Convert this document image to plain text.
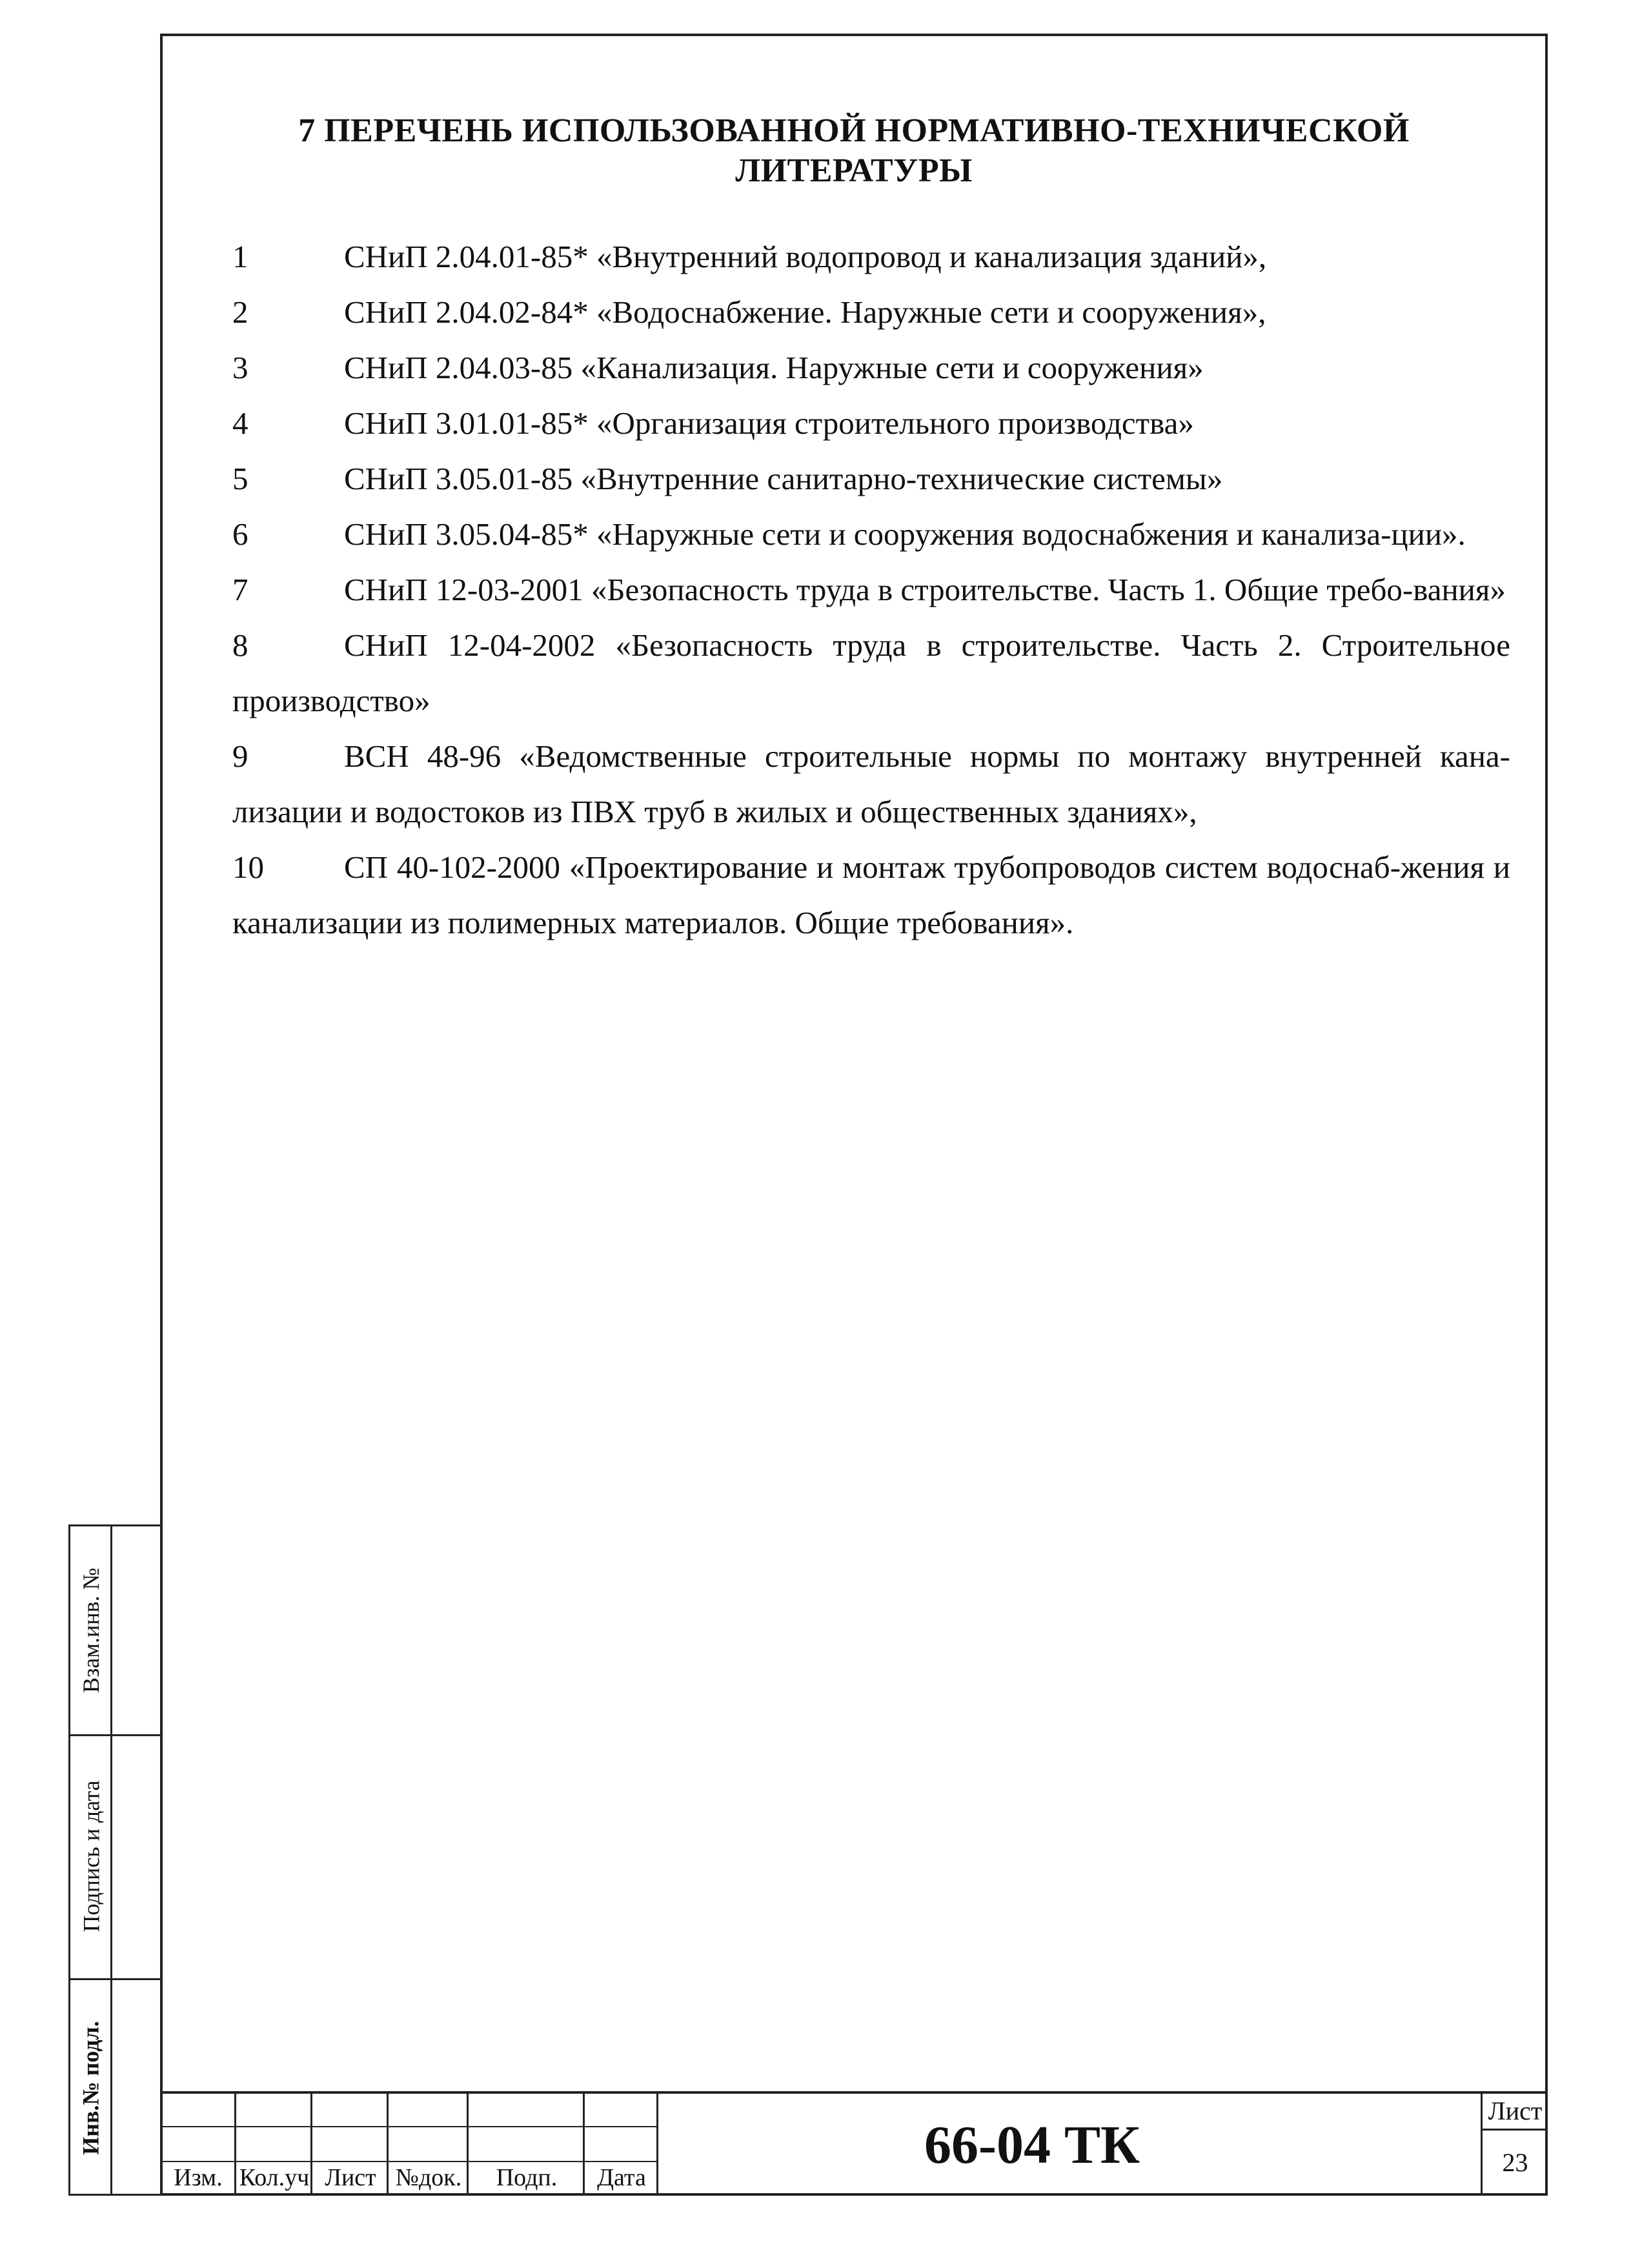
7 ПЕРЕЧЕНЬ ИСПОЛЬЗОВАННОЙ НОРМАТИВНО-ТЕХНИЧЕСКОЙ
ЛИТЕРАТУРЫ

1	СНиП 2.04.01-85* «Внутренний водопровод и канализация зданий»,

2	СНиП 2.04.02-84* «Водоснабжение. Наружные сети и сооружения»,

3	СНиП 2.04.03-85 «Канализация. Наружные сети и сооружения»

4	СНиП 3.01.01-85* «Организация строительного производства»

5	СНиП 3.05.01-85 «Внутренние санитарно-технические системы»

6	СНиП 3.05.04-85* «Наружные сети и сооружения водоснабжения и канализа-ции».

7	СНиП 12-03-2001 «Безопасность труда в строительстве. Часть 1. Общие требо-вания»

8	СНиП 12-04-2002 «Безопасность труда в строительстве. Часть 2. Строительное производство»

9	ВСН 48-96 «Ведомственные строительные нормы по монтажу внутренней кана-лизации и водостоков из ПВХ труб в жилых и общественных зданиях»,

10	СП 40-102-2000 «Проектирование и монтаж трубопроводов систем водоснаб-жения и канализации из полимерных материалов. Общие требования».

Взам.инв. №
Подпись и дата
Инв.№ подл.
Изм. Кол.уч Лист №док.	Подп.	Дата
66-04 ТК
Лист
23
